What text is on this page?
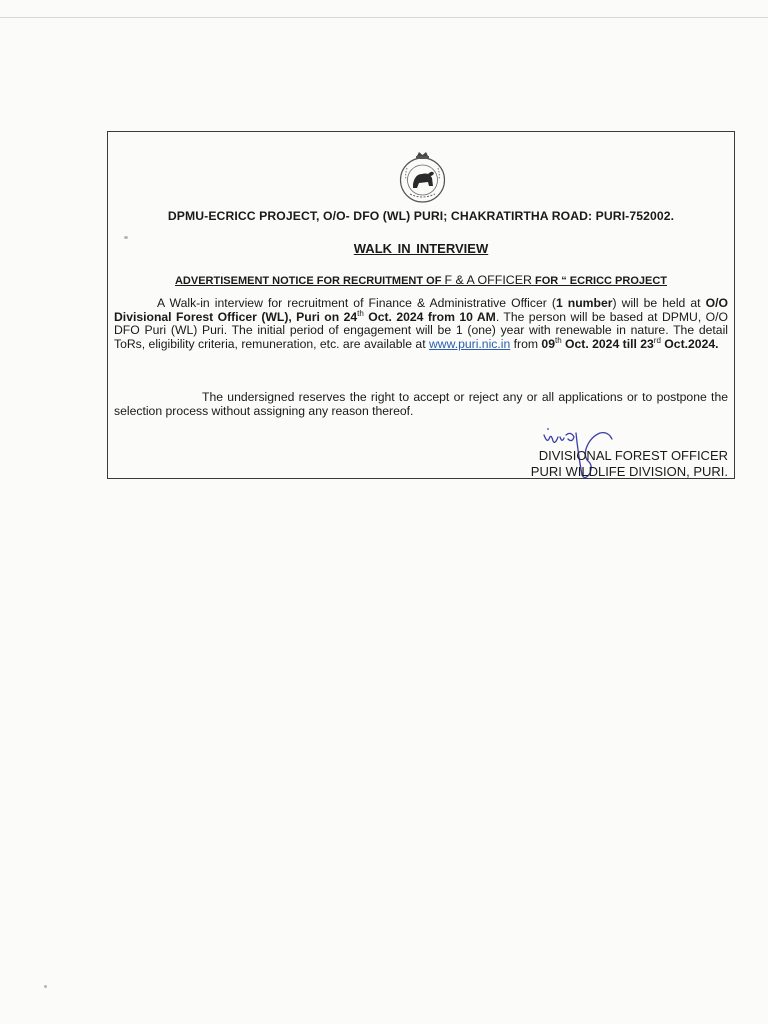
DPMU-ECRICC PROJECT, O/O- DFO (WL) PURI; CHAKRATIRTHA ROAD: PURI-752002.
WALK IN INTERVIEW
ADVERTISEMENT NOTICE FOR RECRUITMENT OF F & A OFFICER FOR “ ECRICC PROJECT

A Walk-in interview for recruitment of Finance & Administrative Officer (1 number) will be held at O/O Divisional Forest Officer (WL), Puri on 24th Oct. 2024 from 10 AM. The person will be based at DPMU, O/O DFO Puri (WL) Puri. The initial period of engagement will be 1 (one) year with renewable in nature. The detail ToRs, eligibility criteria, remuneration, etc. are available at www.puri.nic.in from 09th Oct. 2024 till 23rd Oct.2024.

The undersigned reserves the right to accept or reject any or all applications or to postpone the selection process without assigning any reason thereof.

DIVISIONAL FOREST OFFICER
PURI WILDLIFE DIVISION, PURI.
